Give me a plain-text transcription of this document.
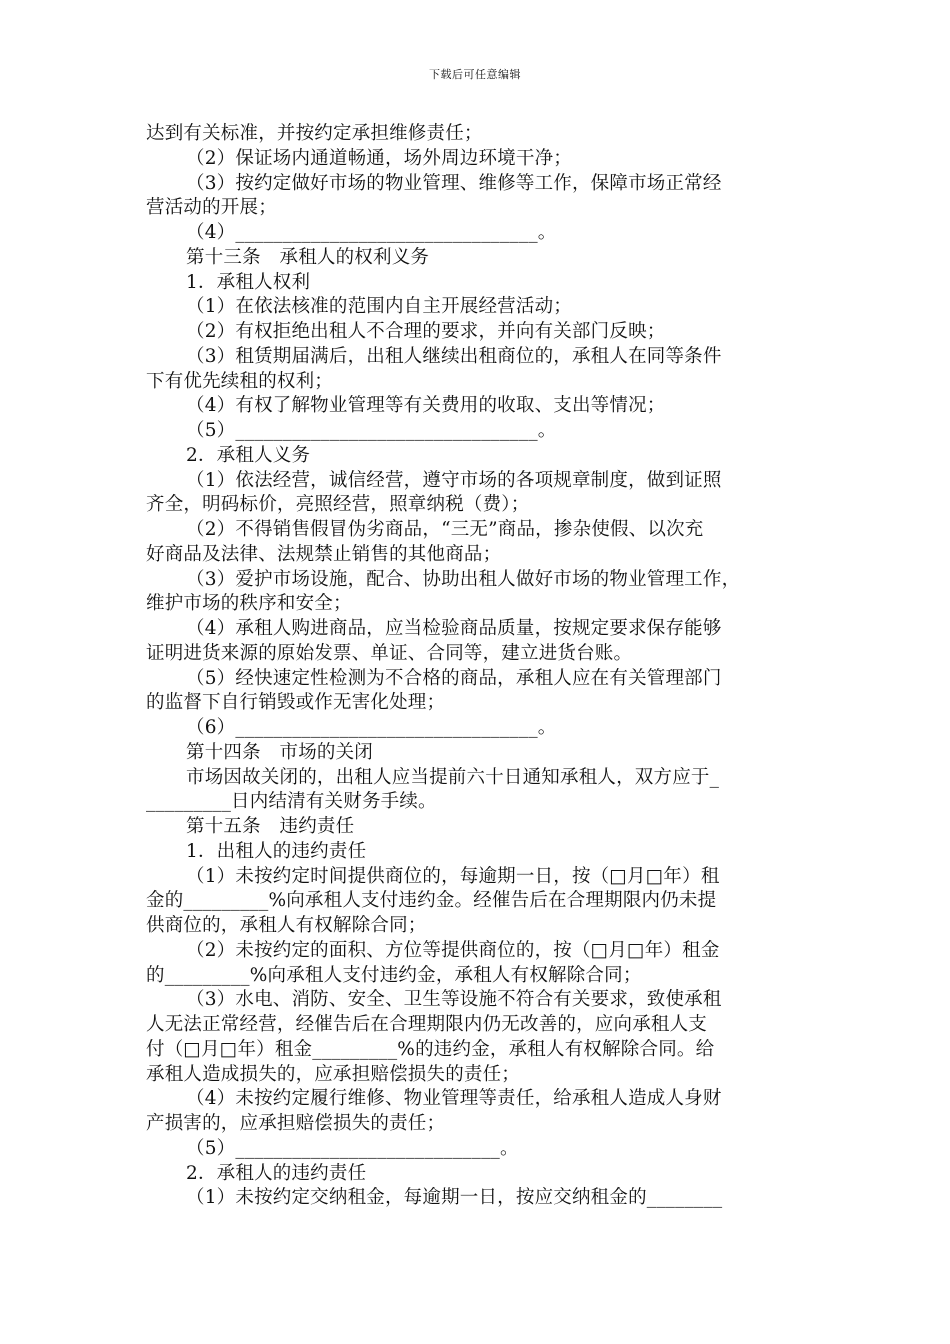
下载后可任意编辑
达到有关标准，并按约定承担维修责任；
（2）保证场内通道畅通，场外周边环境干净；
（3）按约定做好市场的物业管理、维修等工作，保障市场正常经
营活动的开展；
（4）________________________________。
第十三条　承租人的权利义务
1．承租人权利
（1）在依法核准的范围内自主开展经营活动；
（2）有权拒绝出租人不合理的要求，并向有关部门反映；
（3）租赁期届满后，出租人继续出租商位的，承租人在同等条件
下有优先续租的权利；
（4）有权了解物业管理等有关费用的收取、支出等情况；
（5）________________________________。
2．承租人义务
（1）依法经营，诚信经营，遵守市场的各项规章制度，做到证照
齐全，明码标价，亮照经营，照章纳税（费）；
（2）不得销售假冒伪劣商品，“三无”商品，掺杂使假、以次充
好商品及法律、法规禁止销售的其他商品；
（3）爱护市场设施，配合、协助出租人做好市场的物业管理工作，
维护市场的秩序和安全；
（4）承租人购进商品，应当检验商品质量，按规定要求保存能够
证明进货来源的原始发票、单证、合同等，建立进货台账。
（5）经快速定性检测为不合格的商品，承租人应在有关管理部门
的监督下自行销毁或作无害化处理；
（6）________________________________。
第十四条　市场的关闭
市场因故关闭的，出租人应当提前六十日通知承租人，双方应于_
_________日内结清有关财务手续。
第十五条　违约责任
1．出租人的违约责任
（1）未按约定时间提供商位的，每逾期一日，按（□月□年）租
金的_________%向承租人支付违约金。经催告后在合理期限内仍未提
供商位的，承租人有权解除合同；
（2）未按约定的面积、方位等提供商位的，按（□月□年）租金
的_________%向承租人支付违约金，承租人有权解除合同；
（3）水电、消防、安全、卫生等设施不符合有关要求，致使承租
人无法正常经营，经催告后在合理期限内仍无改善的，应向承租人支
付（□月□年）租金_________%的违约金，承租人有权解除合同。给
承租人造成损失的，应承担赔偿损失的责任；
（4）未按约定履行维修、物业管理等责任，给承租人造成人身财
产损害的，应承担赔偿损失的责任；
（5）____________________________。
2．承租人的违约责任
（1）未按约定交纳租金，每逾期一日，按应交纳租金的________
